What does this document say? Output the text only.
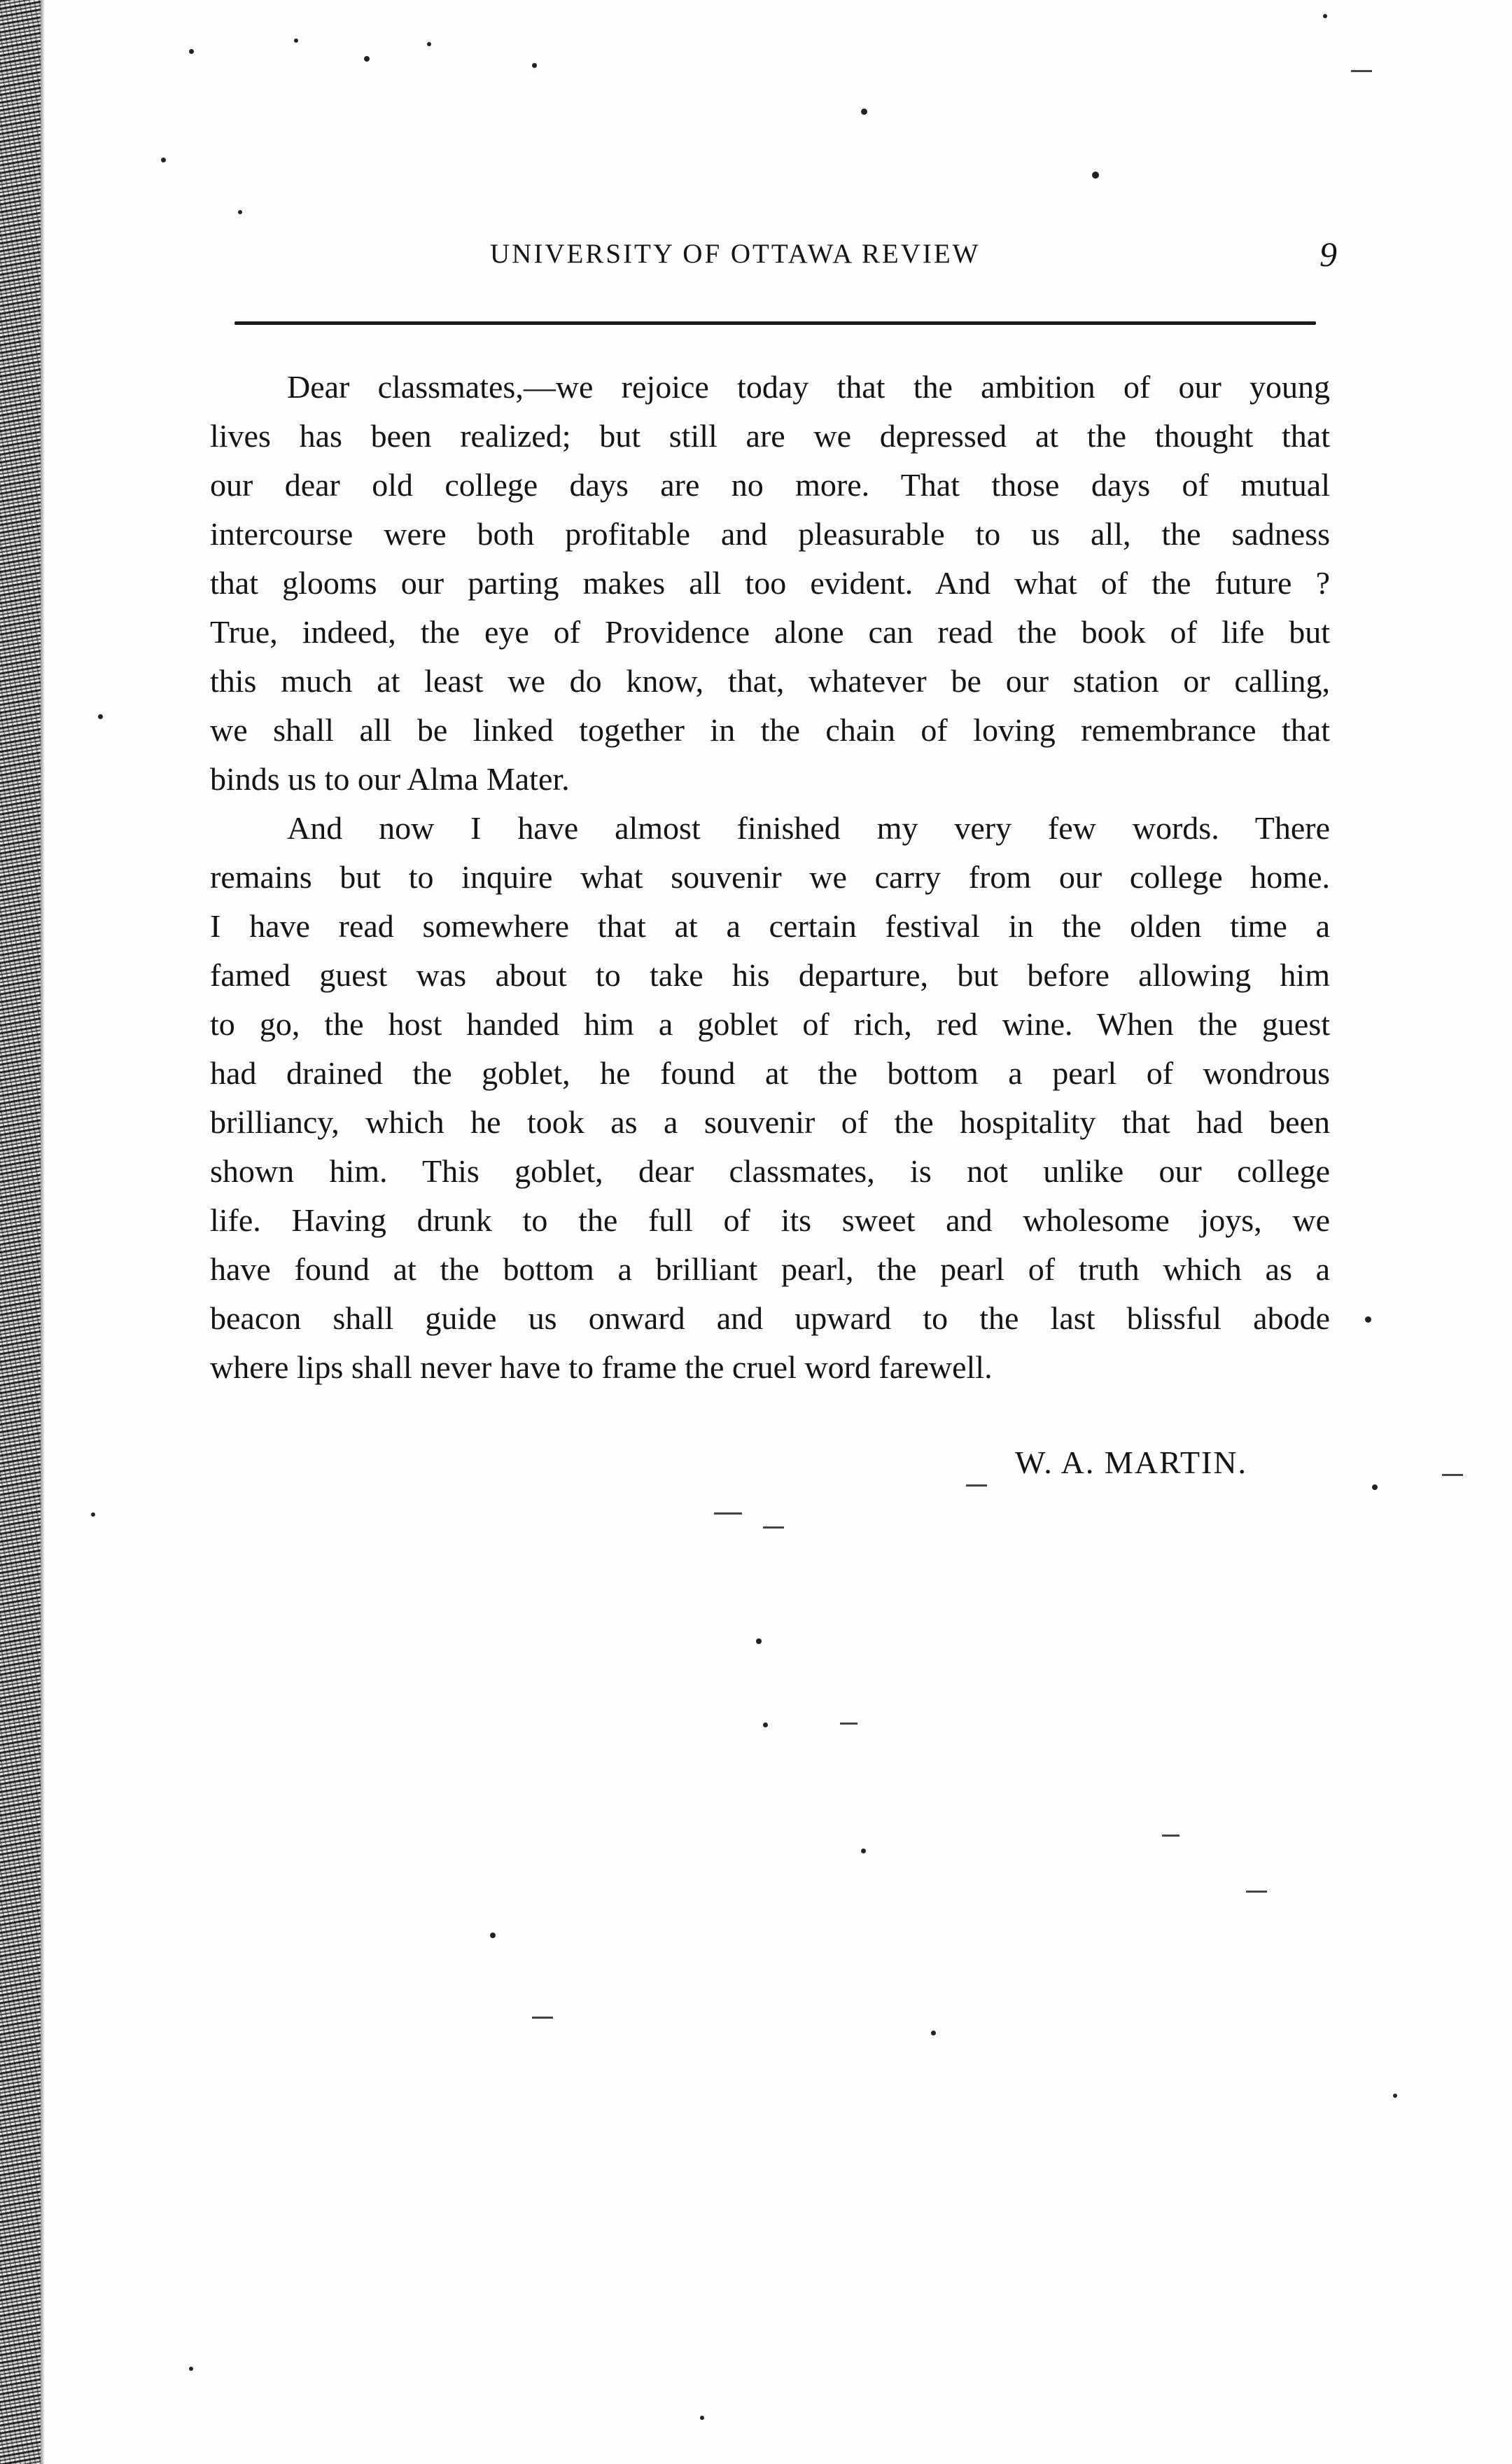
UNIVERSITY OF OTTAWA REVIEW	9
Dear classmates,—we rejoice today that the ambition of our young
lives has been realized; but still are we depressed at the thought that
our dear old college days are no more. That those days of mutual
intercourse were both profitable and pleasurable to us all, the sadness
that glooms our parting makes all too evident. And what of the future ?
True, indeed, the eye of Providence alone can read the book of life but
this much at least we do know, that, whatever be our station or calling,
we shall all be linked together in the chain of loving remembrance that
binds us to our Alma Mater.
And now I have almost finished my very few words. There
remains but to inquire what souvenir we carry from our college home.
I have read somewhere that at a certain festival in the olden time a
famed guest was about to take his departure, but before allowing him
to go, the host handed him a goblet of rich, red wine. When the guest
had drained the goblet, he found at the bottom a pearl of wondrous
brilliancy, which he took as a souvenir of the hospitality that had been
shown him. This goblet, dear classmates, is not unlike our college
life. Having drunk to the full of its sweet and wholesome joys, we
have found at the bottom a brilliant pearl, the pearl of truth which as a
beacon shall guide us onward and upward to the last blissful abode
where lips shall never have to frame the cruel word farewell.
W. A. MARTIN.
